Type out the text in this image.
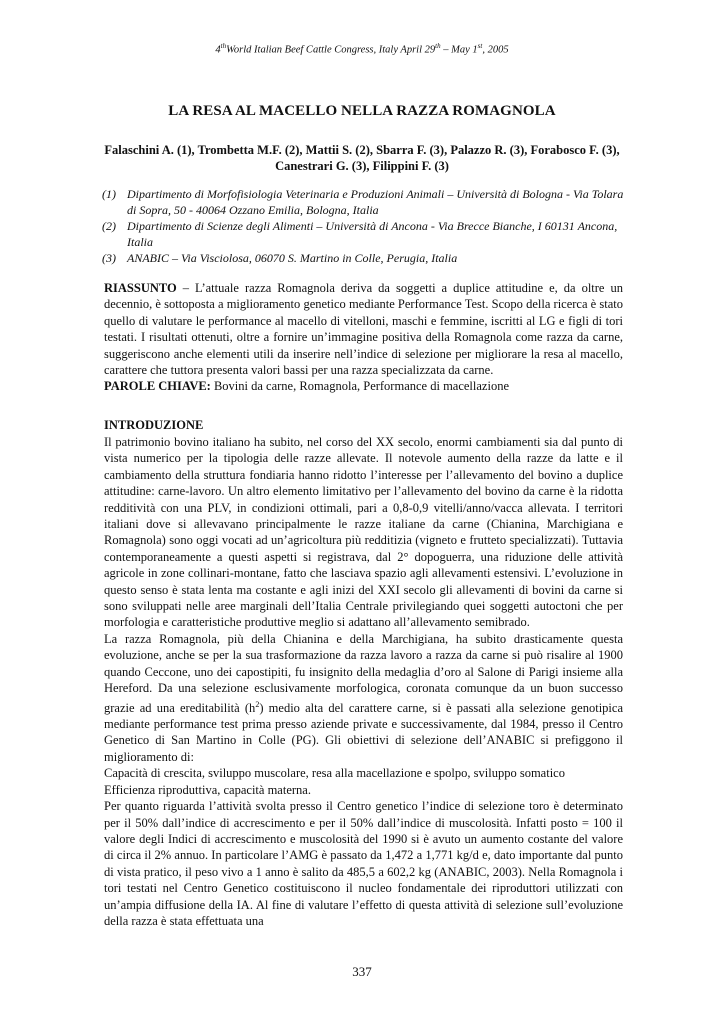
4thWorld Italian Beef Cattle Congress, Italy April 29th – May 1st, 2005
LA RESA AL MACELLO NELLA RAZZA ROMAGNOLA
Falaschini A. (1), Trombetta M.F. (2), Mattii S. (2), Sbarra F. (3), Palazzo R. (3), Forabosco F. (3), Canestrari G. (3), Filippini F. (3)
(1) Dipartimento di Morfofisiologia Veterinaria e Produzioni Animali – Università di Bologna - Via Tolara di Sopra, 50 - 40064 Ozzano Emilia, Bologna, Italia
(2) Dipartimento di Scienze degli Alimenti – Università di Ancona - Via Brecce Bianche, I 60131 Ancona, Italia
(3) ANABIC – Via Visciolosa, 06070 S. Martino in Colle, Perugia, Italia

RIASSUNTO – L’attuale razza Romagnola deriva da soggetti a duplice attitudine e, da oltre un decennio, è sottoposta a miglioramento genetico mediante Performance Test. Scopo della ricerca è stato quello di valutare le performance al macello di vitelloni, maschi e femmine, iscritti al LG e figli di tori testati. I risultati ottenuti, oltre a fornire un’immagine positiva della Romagnola come razza da carne, suggeriscono anche elementi utili da inserire nell’indice di selezione per migliorare la resa al macello, carattere che tuttora presenta valori bassi per una razza specializzata da carne.

PAROLE CHIAVE: Bovini da carne, Romagnola, Performance di macellazione

INTRODUZIONE

Il patrimonio bovino italiano ha subito, nel corso del XX secolo, enormi cambiamenti sia dal punto di vista numerico per la tipologia delle razze allevate. Il notevole aumento della razze da latte e il cambiamento della struttura fondiaria hanno ridotto l’interesse per l’allevamento del bovino a duplice attitudine: carne-lavoro. Un altro elemento limitativo per l’allevamento del bovino da carne è la ridotta redditività con una PLV, in condizioni ottimali, pari a 0,8-0,9 vitelli/anno/vacca allevata. I territori italiani dove si allevavano principalmente le razze italiane da carne (Chianina, Marchigiana e Romagnola) sono oggi vocati ad un’agricoltura più redditizia (vigneto e frutteto specializzati). Tuttavia contemporaneamente a questi aspetti si registrava, dal 2° dopoguerra, una riduzione delle attività agricole in zone collinari-montane, fatto che lasciava spazio agli allevamenti estensivi. L’evoluzione in questo senso è stata lenta ma costante e agli inizi del XXI secolo gli allevamenti di bovini da carne si sono sviluppati nelle aree marginali dell’Italia Centrale privilegiando quei soggetti autoctoni che per morfologia e caratteristiche produttive meglio si adattano all’allevamento semibrado.

La razza Romagnola, più della Chianina e della Marchigiana, ha subito drasticamente questa evoluzione, anche se per la sua trasformazione da razza lavoro a razza da carne si può risalire al 1900 quando Ceccone, uno dei capostipiti, fu insignito della medaglia d’oro al Salone di Parigi insieme alla Hereford. Da una selezione esclusivamente morfologica, coronata comunque da un buon successo grazie ad una ereditabilità $(h^2)$ medio alta del carattere carne, si è passati alla selezione genotipica mediante performance test prima presso aziende private e successivamente, dal 1984, presso il Centro Genetico di San Martino in Colle (PG). Gli obiettivi di selezione dell’ANABIC si prefiggono il miglioramento di:

Capacità di crescita, sviluppo muscolare, resa alla macellazione e spolpo, sviluppo somatico

Efficienza riproduttiva, capacità materna.

Per quanto riguarda l’attività svolta presso il Centro genetico l’indice di selezione toro è determinato per il 50% dall’indice di accrescimento e per il 50% dall’indice di muscolosità. Infatti posto = 100 il valore degli Indici di accrescimento e muscolosità del 1990 si è avuto un aumento costante del valore di circa il 2% annuo. In particolare l’AMG è passato da 1,472 a 1,771 kg/d e, dato importante dal punto di vista pratico, il peso vivo a 1 anno è salito da 485,5 a 602,2 kg (ANABIC, 2003). Nella Romagnola i tori testati nel Centro Genetico costituiscono il nucleo fondamentale dei riproduttori utilizzati con un’ampia diffusione della IA. Al fine di valutare l’effetto di questa attività di selezione sull’evoluzione della razza è stata effettuata una

337
